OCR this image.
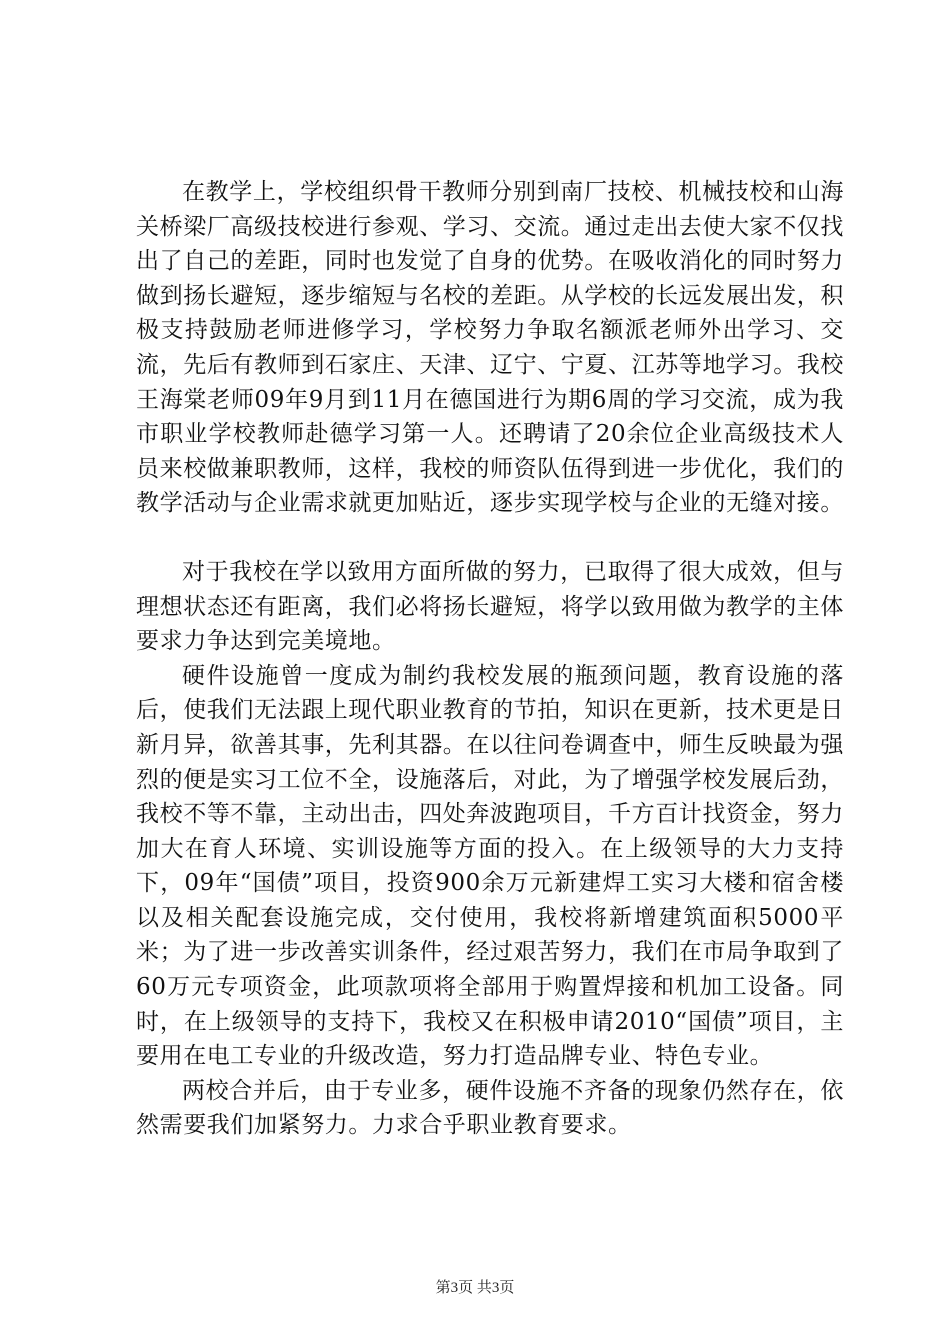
在教学上，学校组织骨干教师分别到南厂技校、机械技校和山海关桥梁厂高级技校进行参观、学习、交流。通过走出去使大家不仅找出了自己的差距，同时也发觉了自身的优势。在吸收消化的同时努力做到扬长避短，逐步缩短与名校的差距。从学校的长远发展出发，积极支持鼓励老师进修学习，学校努力争取名额派老师外出学习、交流，先后有教师到石家庄、天津、辽宁、宁夏、江苏等地学习。我校王海棠老师09年9月到11月在德国进行为期6周的学习交流，成为我市职业学校教师赴德学习第一人。还聘请了20余位企业高级技术人员来校做兼职教师，这样，我校的师资队伍得到进一步优化，我们的教学活动与企业需求就更加贴近，逐步实现学校与企业的无缝对接。

对于我校在学以致用方面所做的努力，已取得了很大成效，但与理想状态还有距离，我们必将扬长避短，将学以致用做为教学的主体要求力争达到完美境地。

硬件设施曾一度成为制约我校发展的瓶颈问题，教育设施的落后，使我们无法跟上现代职业教育的节拍，知识在更新，技术更是日新月异，欲善其事，先利其器。在以往问卷调查中，师生反映最为强烈的便是实习工位不全，设施落后，对此，为了增强学校发展后劲，我校不等不靠，主动出击，四处奔波跑项目，千方百计找资金，努力加大在育人环境、实训设施等方面的投入。在上级领导的大力支持下，09年“国债”项目，投资900余万元新建焊工实习大楼和宿舍楼以及相关配套设施完成，交付使用，我校将新增建筑面积5000平米；为了进一步改善实训条件，经过艰苦努力，我们在市局争取到了60万元专项资金，此项款项将全部用于购置焊接和机加工设备。同时，在上级领导的支持下，我校又在积极申请2010“国债”项目，主要用在电工专业的升级改造，努力打造品牌专业、特色专业。

两校合并后，由于专业多，硬件设施不齐备的现象仍然存在，依然需要我们加紧努力。力求合乎职业教育要求。

第3页 共3页
